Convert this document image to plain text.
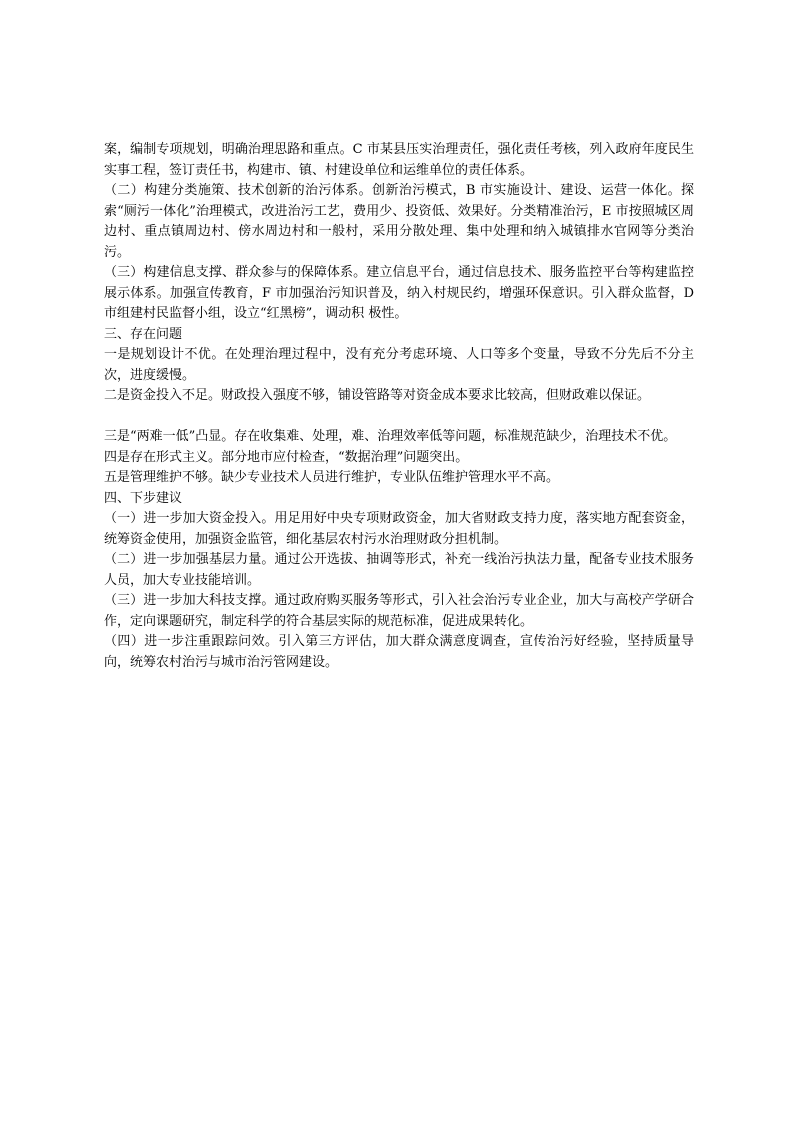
案，编制专项规划，明确治理思路和重点。C 市某县压实治理责任，强化责任考核，列入政府年度民生实事工程，签订责任书，构建市、镇、村建设单位和运维单位的责任体系。

（二）构建分类施策、技术创新的治污体系。创新治污模式，B 市实施设计、建设、运营一体化。探索“厕污一体化”治理模式，改进治污工艺，费用少、投资低、效果好。分类精准治污，E 市按照城区周边村、重点镇周边村、傍水周边村和一般村，采用分散处理、集中处理和纳入城镇排水官网等分类治污。

（三）构建信息支撑、群众参与的保障体系。建立信息平台，通过信息技术、服务监控平台等构建监控展示体系。加强宣传教育，F 市加强治污知识普及，纳入村规民约，增强环保意识。引入群众监督，D 市组建村民监督小组，设立“红黑榜”，调动积 极性。

三、存在问题

一是规划设计不优。在处理治理过程中，没有充分考虑环境、人口等多个变量，导致不分先后不分主次，进度缓慢。

二是资金投入不足。财政投入强度不够，铺设管路等对资金成本要求比较高，但财政难以保证。

三是“两难一低”凸显。存在收集难、处理，难、治理效率低等问题，标准规范缺少，治理技术不优。

四是存在形式主义。部分地市应付检查，“数据治理”问题突出。

五是管理维护不够。缺少专业技术人员进行维护，专业队伍维护管理水平不高。

四、下步建议

（一）进一步加大资金投入。用足用好中央专项财政资金，加大省财政支持力度，落实地方配套资金，统筹资金使用，加强资金监管，细化基层农村污水治理财政分担机制。

（二）进一步加强基层力量。通过公开选拔、抽调等形式，补充一线治污执法力量，配备专业技术服务人员，加大专业技能培训。

（三）进一步加大科技支撑。通过政府购买服务等形式，引入社会治污专业企业，加大与高校产学研合作，定向课题研究，制定科学的符合基层实际的规范标准，促进成果转化。

（四）进一步注重跟踪问效。引入第三方评估，加大群众满意度调查，宣传治污好经验，坚持质量导向，统筹农村治污与城市治污管网建设。
